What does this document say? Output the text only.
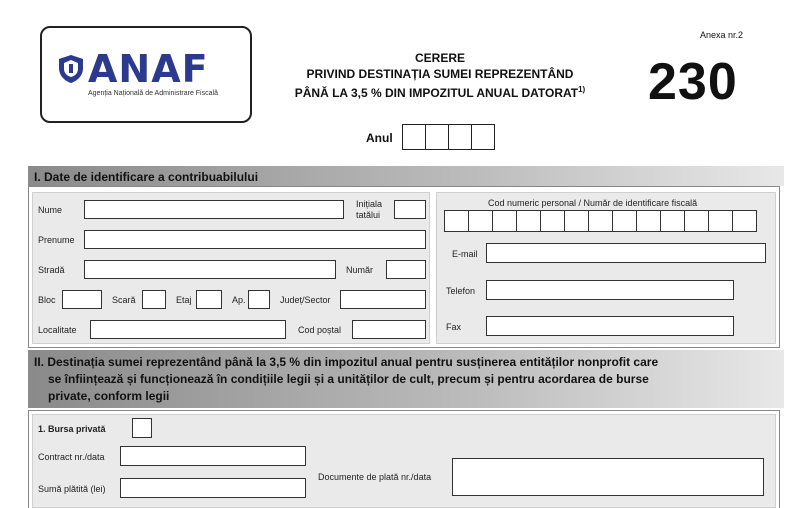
ANAF
Agenția Națională de Administrare Fiscală
CERERE
PRIVIND DESTINAȚIA SUMEI REPREZENTÂND
PÂNĂ LA 3,5 % DIN IMPOZITUL ANUAL DATORAT$^{1)}$
Anexa nr.2
230
Anul
I. Date de identificare a contribuabilului
Nume
Inițiala
tatălui
Prenume
Stradă	Număr
Bloc	Scară	Etaj	Ap.	Județ/Sector
Localitate	Cod poștal
Cod numeric personal / Număr de identificare fiscală
E-mail
Telefon
Fax
II. Destinația sumei reprezentând până la 3,5 % din impozitul anual pentru susținerea entităților nonprofit care
se înființează și funcționează în condițiile legii și a unităților de cult, precum și pentru acordarea de burse
private, conform legii
1. Bursa privată
Contract nr./data
Sumă plătită (lei)
Documente de plată nr./data
